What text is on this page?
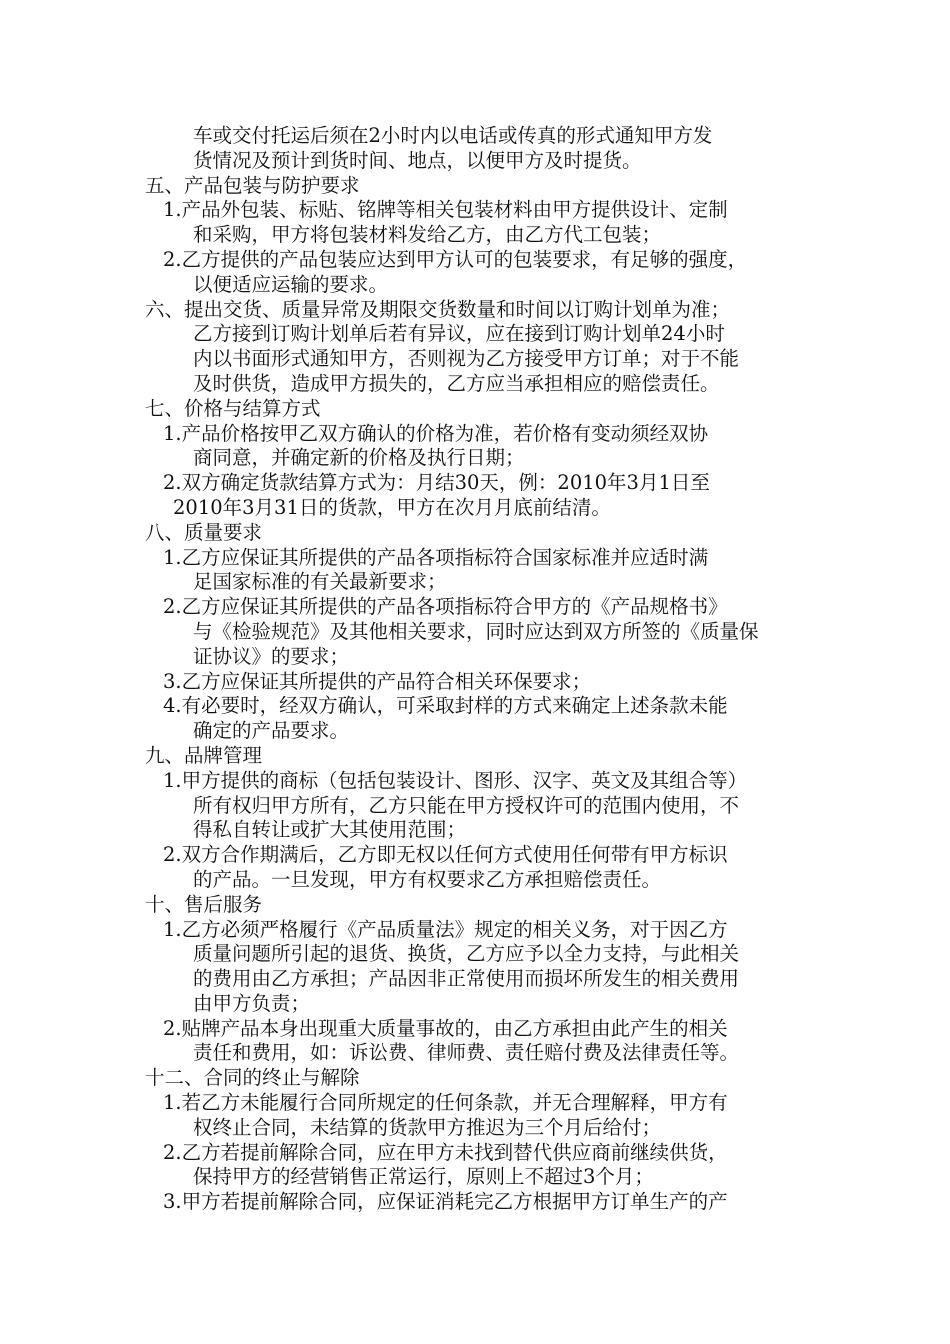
车或交付托运后须在2小时内以电话或传真的形式通知甲方发
货情况及预计到货时间、地点，以便甲方及时提货。
五、产品包装与防护要求
1.产品外包装、标贴、铭牌等相关包装材料由甲方提供设计、定制
和采购，甲方将包装材料发给乙方，由乙方代工包装；
2.乙方提供的产品包装应达到甲方认可的包装要求，有足够的强度，
以便适应运输的要求。
六、提出交货、质量异常及期限交货数量和时间以订购计划单为准；
乙方接到订购计划单后若有异议，应在接到订购计划单24小时
内以书面形式通知甲方，否则视为乙方接受甲方订单；对于不能
及时供货，造成甲方损失的，乙方应当承担相应的赔偿责任。
七、价格与结算方式
1.产品价格按甲乙双方确认的价格为准，若价格有变动须经双协
商同意，并确定新的价格及执行日期；
2.双方确定货款结算方式为：月结30天，例：2010年3月1日至
2010年3月31日的货款，甲方在次月月底前结清。
八、质量要求
1.乙方应保证其所提供的产品各项指标符合国家标准并应适时满
足国家标准的有关最新要求；
2.乙方应保证其所提供的产品各项指标符合甲方的《产品规格书》
与《检验规范》及其他相关要求，同时应达到双方所签的《质量保
证协议》的要求；
3.乙方应保证其所提供的产品符合相关环保要求；
4.有必要时，经双方确认，可采取封样的方式来确定上述条款未能
确定的产品要求。
九、品牌管理
1.甲方提供的商标（包括包装设计、图形、汉字、英文及其组合等）
所有权归甲方所有，乙方只能在甲方授权许可的范围内使用，不
得私自转让或扩大其使用范围；
2.双方合作期满后，乙方即无权以任何方式使用任何带有甲方标识
的产品。一旦发现，甲方有权要求乙方承担赔偿责任。
十、售后服务
1.乙方必须严格履行《产品质量法》规定的相关义务，对于因乙方
质量问题所引起的退货、换货，乙方应予以全力支持，与此相关
的费用由乙方承担；产品因非正常使用而损坏所发生的相关费用
由甲方负责；
2.贴牌产品本身出现重大质量事故的，由乙方承担由此产生的相关
责任和费用，如：诉讼费、律师费、责任赔付费及法律责任等。
十二、合同的终止与解除
1.若乙方未能履行合同所规定的任何条款，并无合理解释，甲方有
权终止合同，未结算的货款甲方推迟为三个月后给付；
2.乙方若提前解除合同，应在甲方未找到替代供应商前继续供货，
保持甲方的经营销售正常运行，原则上不超过3个月；
3.甲方若提前解除合同，应保证消耗完乙方根据甲方订单生产的产
